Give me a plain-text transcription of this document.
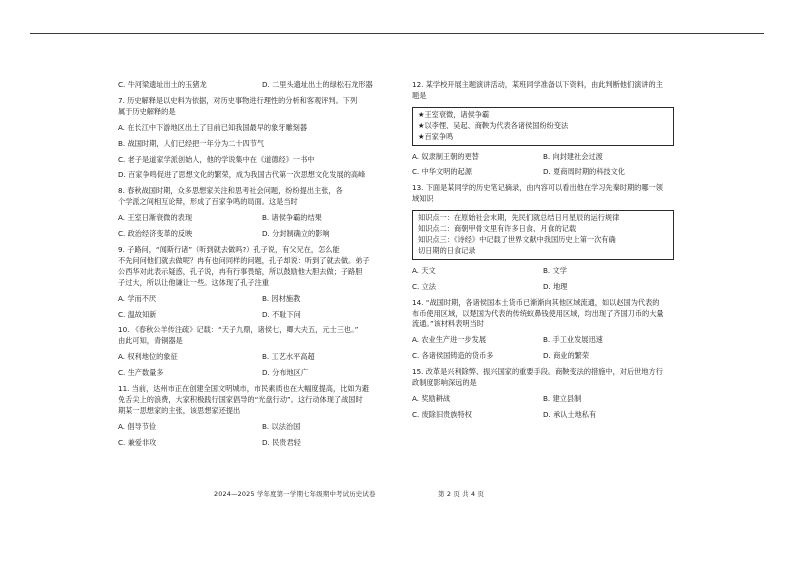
C. 牛河梁遗址出土的玉猪龙	D. 二里头遗址出土的绿松石龙形器

7. 历史解释是以史料为依据，对历史事物进行理性的分析和客观评判。下列

属于历史解释的是

A. 在长江中下游地区出土了目前已知我国最早的象牙雕刻器

B. 战国时期，人们已经把一年分为二十四节气

C. 老子是道家学派创始人，他的学说集中在《道德经》一书中

D. 百家争鸣促进了思想文化的繁荣，成为我国古代第一次思想文化发展的高峰

8. 春秋战国时期，众多思想家关注和思考社会问题，纷纷提出主张，各

个学派之间相互论辩，形成了百家争鸣的局面。这是当时

A. 王室日渐衰微的表现	B. 诸侯争霸的结果
C. 政治经济变革的反映	D. 分封制确立的影响

9. 子路问，“闻斯行诸”（听到就去做吗?）孔子说，有父兄在，怎么能

不先问问他们就去做呢？冉有也问同样的问题，孔子却说：听到了就去做。弟子

公西华对此表示疑惑，孔子说，冉有行事畏缩，所以鼓励他大胆去做；子路胆

子过大，所以让他谦让一些。这体现了孔子注重

A. 学而不厌	B. 因材施教
C. 温故知新	D. 不耻下问

10. 《春秋公羊传注疏》记载：“天子九鼎，诸侯七，卿大夫五，元士三也。”

由此可知，青铜器是

A. 权利地位的象征	B. 工艺水平高超
C. 生产数量多	D. 分布地区广

11. 当前，达州市正在创建全国文明城市，市民素质也在大幅度提高，比如为避

免舌尖上的浪费，大家积极践行国家倡导的“光盘行动”。这行动体现了战国时

期某一思想家的主张，该思想家还提出

A. 倡导节俭	B. 以法治国
C. 兼爱非攻	D. 民贵君轻

12. 某学校开展主题演讲活动，某班同学准备以下资料，由此判断他们演讲的主

题是

★王室衰微，诸侯争霸
★以李悝、吴起、商鞅为代表各诸侯国纷纷变法
★百家争鸣
A. 奴隶制王朝的更替	B. 向封建社会过渡
C. 中华文明的起源	D. 夏商周时期的科技文化

13. 下面是某同学的历史笔记摘录，由内容可以看出他在学习先秦时期的哪一领

域知识

知识点一：在原始社会末期，先民们就总结日月星辰的运行规律
知识点二：商朝甲骨文里有许多日食、月食的记载
知识点三：《诗经》中记载了世界文献中我国历史上第一次有确
切日期的日食记录
A. 天文	B. 文学
C. 立法	D. 地理

14. “战国时期，各诸侯国本土货币已渐渐向其他区域流通，如以赵国为代表的

布币使用区域，以楚国为代表的传统蚁鼻钱使用区域，均出现了齐国刀币的大量

流通。”该材料表明当时

A. 农业生产进一步发展	B. 手工业发展迅速
C. 各诸侯国铸造的货币多	D. 商业的繁荣

15. 改革是兴利除弊、振兴国家的重要手段。商鞅变法的措施中，对后世地方行

政制度影响深远的是

A. 奖励耕战	B. 建立县制
C. 废除旧贵族特权	D. 承认土地私有
2024—2025 学年度第一学期七年级期中考试历史试卷	第 2 页 共 4 页
